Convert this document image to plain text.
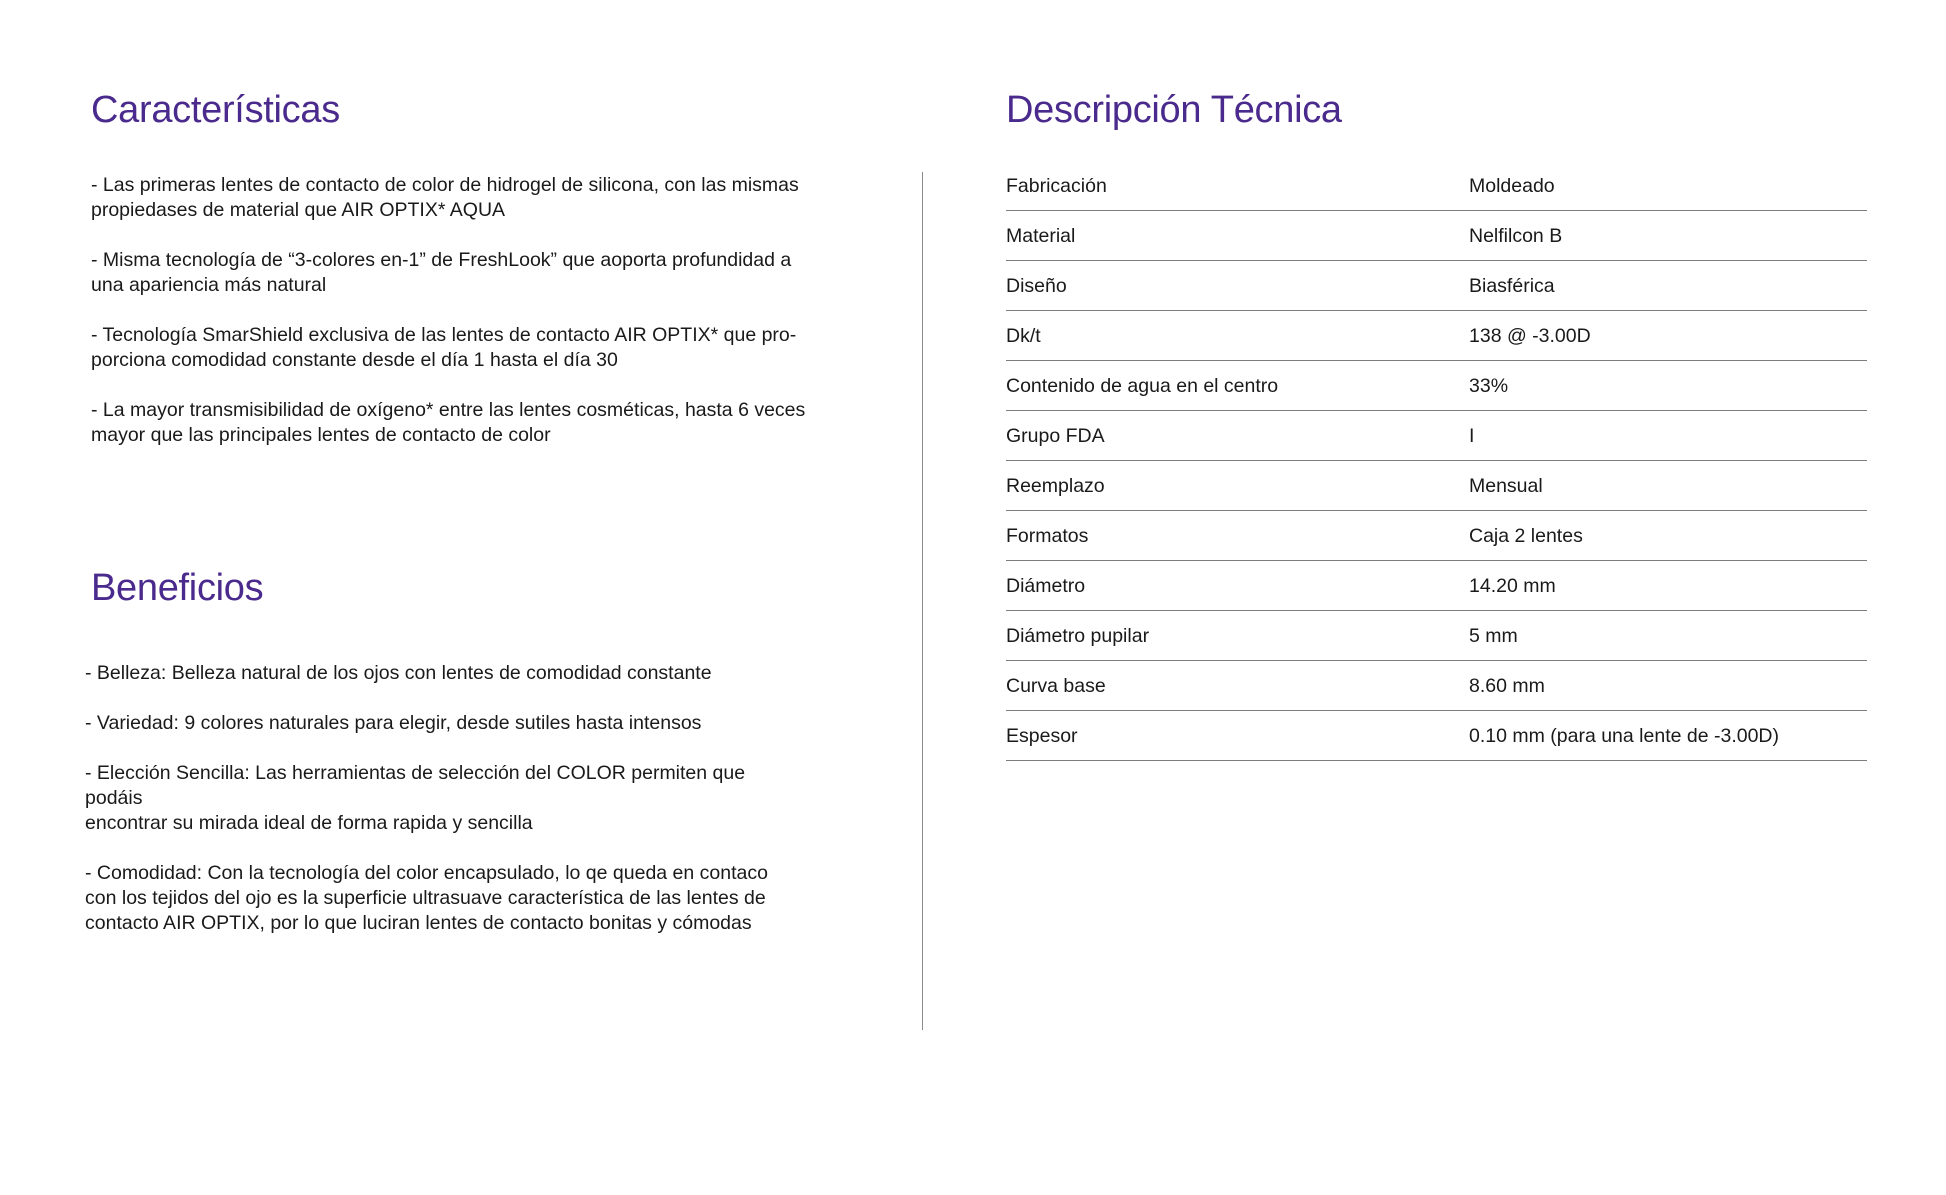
Características

- Las primeras lentes de contacto de color de hidrogel de silicona, con las mismas
propiedases de material que AIR OPTIX* AQUA

- Misma tecnología de “3-colores en-1” de FreshLook” que aoporta profundidad a
una apariencia más natural

- Tecnología SmarShield exclusiva de las lentes de contacto AIR OPTIX* que pro-
porciona comodidad constante desde el día 1 hasta el día 30

- La mayor transmisibilidad de oxígeno* entre las lentes cosméticas, hasta 6 veces
mayor que las principales lentes de contacto de color

Beneficios

- Belleza: Belleza natural de los ojos con lentes de comodidad constante

- Variedad: 9 colores naturales para elegir, desde sutiles hasta intensos

- Elección Sencilla: Las herramientas de selección del COLOR permiten que podáis
encontrar su mirada ideal de forma rapida y sencilla

- Comodidad: Con la tecnología del color encapsulado, lo qe queda en contaco
con los tejidos del ojo es la superficie ultrasuave característica de las lentes de
contacto AIR OPTIX, por lo que luciran lentes de contacto bonitas y cómodas

Descripción Técnica
Fabricación	Moldeado
Material	Nelfilcon B
Diseño	Biasférica
Dk/t	138 @ -3.00D
Contenido de agua en el centro	33%
Grupo FDA	I
Reemplazo	Mensual
Formatos	Caja 2 lentes
Diámetro	14.20 mm
Diámetro pupilar	5 mm
Curva base	8.60 mm
Espesor	0.10 mm (para una lente de -3.00D)
